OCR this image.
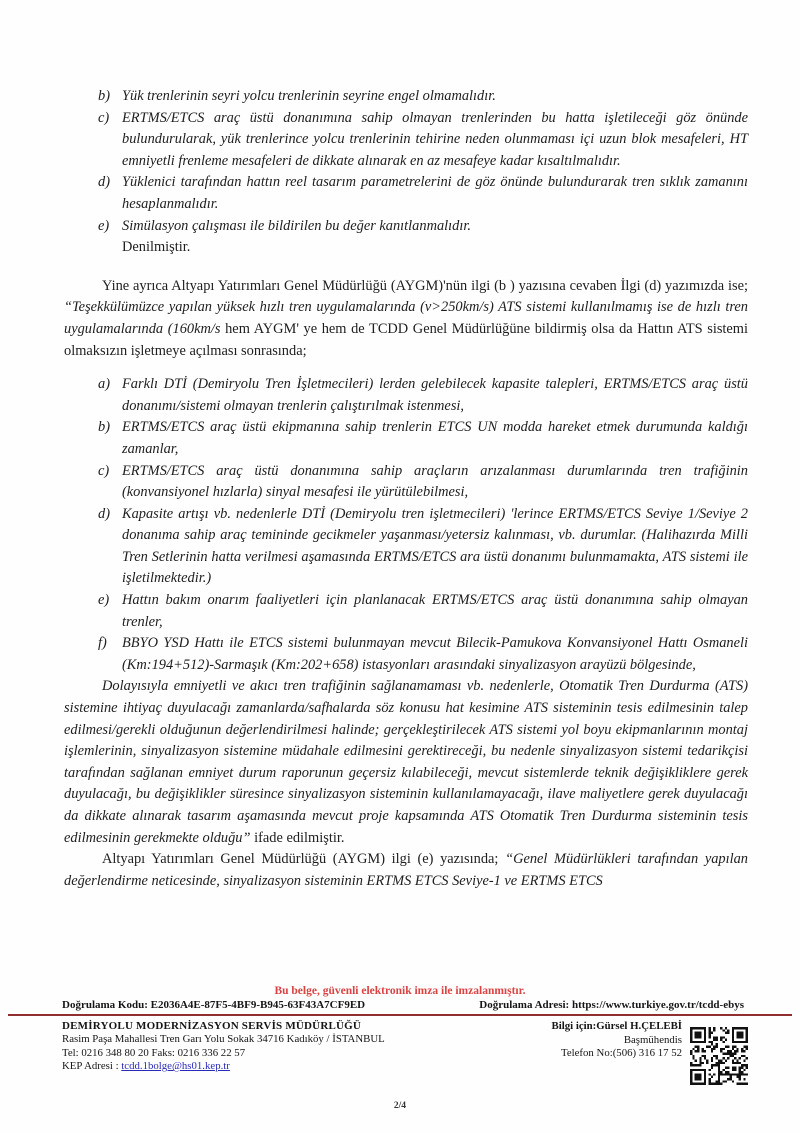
b) Yük trenlerinin seyri yolcu trenlerinin seyrine engel olmamalıdır.
c) ERTMS/ETCS araç üstü donanımına sahip olmayan trenlerinden bu hatta işletileceği göz önünde bulundurularak, yük trenlerince yolcu trenlerinin tehirine neden olunmaması içi uzun blok mesafeleri, HT emniyetli frenleme mesafeleri de dikkate alınarak en az mesafeye kadar kısaltılmalıdır.
d) Yüklenici tarafından hattın reel tasarım parametrelerini de göz önünde bulundurarak tren sıklık zamanını hesaplanmalıdır.
e) Simülasyon çalışması ile bildirilen bu değer kanıtlanmalıdır.
Denilmiştir.

Yine ayrıca Altyapı Yatırımları Genel Müdürlüğü (AYGM)'nün ilgi (b ) yazısına cevaben İlgi (d) yazımızda ise; “Teşekkülümüzce yapılan yüksek hızlı tren uygulamalarında (v>250km/s) ATS sistemi kullanılmamış ise de hızlı tren uygulamalarında (160km/s hem AYGM' ye hem de TCDD Genel Müdürlüğüne bildirmiş olsa da Hattın ATS sistemi olmaksızın işletmeye açılması sonrasında;

a) Farklı DTİ (Demiryolu Tren İşletmecileri) lerden gelebilecek kapasite talepleri, ERTMS/ETCS araç üstü donanımı/sistemi olmayan trenlerin çalıştırılmak istenmesi,
b) ERTMS/ETCS araç üstü ekipmanına sahip trenlerin ETCS UN modda hareket etmek durumunda kaldığı zamanlar,
c) ERTMS/ETCS araç üstü donanımına sahip araçların arızalanması durumlarında tren trafiğinin (konvansiyonel hızlarla) sinyal mesafesi ile yürütülebilmesi,
d) Kapasite artışı vb. nedenlerle DTİ (Demiryolu tren işletmecileri) 'lerince ERTMS/ETCS Seviye 1/Seviye 2 donanıma sahip araç temininde gecikmeler yaşanması/yetersiz kalınması, vb. durumlar. (Halihazırda Milli Tren Setlerinin hatta verilmesi aşamasında ERTMS/ETCS ara üstü donanımı bulunmamakta, ATS sistemi ile işletilmektedir.)
e) Hattın bakım onarım faaliyetleri için planlanacak ERTMS/ETCS araç üstü donanımına sahip olmayan trenler,
f)	BBYO YSD Hattı ile ETCS sistemi bulunmayan mevcut Bilecik-Pamukova Konvansiyonel Hattı Osmaneli (Km:194+512)-Sarmaşık (Km:202+658) istasyonları arasındaki sinyalizasyon arayüzü bölgesinde,

Dolayısıyla emniyetli ve akıcı tren trafiğinin sağlanamaması vb. nedenlerle, Otomatik Tren Durdurma (ATS) sistemine ihtiyaç duyulacağı zamanlarda/safhalarda söz konusu hat kesimine ATS sisteminin tesis edilmesinin talep edilmesi/gerekli olduğunun değerlendirilmesi halinde; gerçekleştirilecek ATS sistemi yol boyu ekipmanlarının montaj işlemlerinin, sinyalizasyon sistemine müdahale edilmesini gerektireceği, bu nedenle sinyalizasyon sistemi tedarikçisi tarafından sağlanan emniyet durum raporunun geçersiz kılabileceği, mevcut sistemlerde teknik değişikliklere gerek duyulacağı, bu değişiklikler süresince sinyalizasyon sisteminin kullanılamayacağı, ilave maliyetlere gerek duyulacağı da dikkate alınarak tasarım aşamasında mevcut proje kapsamında ATS Otomatik Tren Durdurma sisteminin tesis edilmesinin gerekmekte olduğu” ifade edilmiştir.

Altyapı Yatırımları Genel Müdürlüğü (AYGM) ilgi (e) yazısında; “Genel Müdürlükleri tarafından yapılan değerlendirme neticesinde, sinyalizasyon sisteminin ERTMS ETCS Seviye-1 ve ERTMS ETCS

Bu belge, güvenli elektronik imza ile imzalanmıştır.
Doğrulama Kodu: E2036A4E-87F5-4BF9-B945-63F43A7CF9ED	Doğrulama Adresi: https://www.turkiye.gov.tr/tcdd-ebys
DEMİRYOLU MODERNİZASYON SERVİS MÜDÜRLÜĞÜ
Rasim Paşa Mahallesi Tren Garı Yolu Sokak 34716 Kadıköy / İSTANBUL
Tel: 0216 348 80 20 Faks: 0216 336 22 57
KEP Adresi : tcdd.1bolge@hs01.kep.tr
Bilgi için:Gürsel H.ÇELEBİ
Başmühendis
Telefon No:(506) 316 17 52
2/4
